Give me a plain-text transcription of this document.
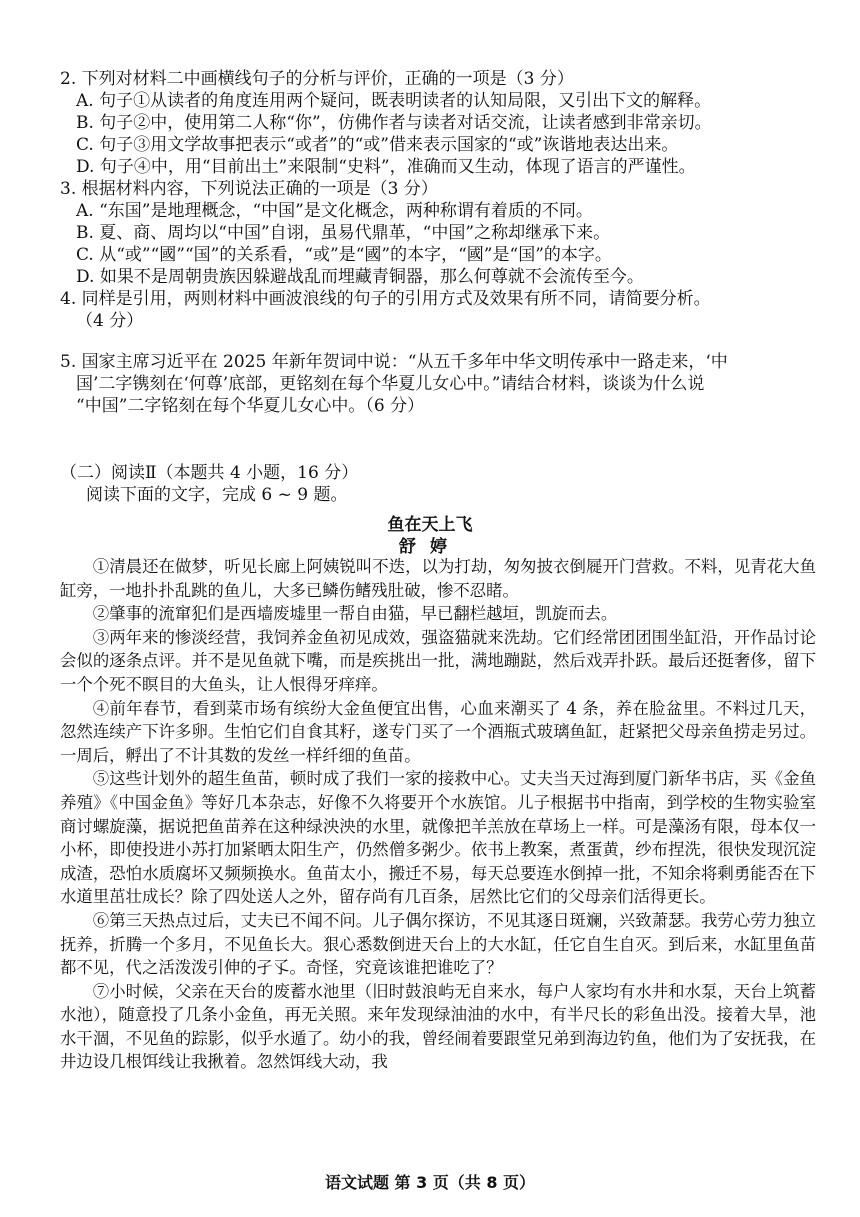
2. 下列对材料二中画横线句子的分析与评价，正确的一项是（3 分）

A. 句子①从读者的角度连用两个疑问，既表明读者的认知局限，又引出下文的解释。

B. 句子②中，使用第二人称“你”，仿佛作者与读者对话交流，让读者感到非常亲切。

C. 句子③用文学故事把表示“或者”的“或”借来表示国家的“或”诙谐地表达出来。

D. 句子④中，用“目前出土”来限制“史料”，准确而又生动，体现了语言的严谨性。

3. 根据材料内容，下列说法正确的一项是（3 分）

A. “东国”是地理概念，“中国”是文化概念，两种称谓有着质的不同。

B. 夏、商、周均以“中国”自诩，虽易代鼎革，“中国”之称却继承下来。

C. 从“或”“國”“国”的关系看，“或”是“國”的本字，“國”是“国”的本字。

D. 如果不是周朝贵族因躲避战乱而埋藏青铜器，那么何尊就不会流传至今。

4. 同样是引用，两则材料中画波浪线的句子的引用方式及效果有所不同，请简要分析。

（4 分）

5. 国家主席习近平在 2025 年新年贺词中说：“从五千多年中华文明传承中一路走来，‘中

国’二字镌刻在‘何尊’底部，更铭刻在每个华夏儿女心中。”请结合材料，谈谈为什么说

“中国”二字铭刻在每个华夏儿女心中。（6 分）

（二）阅读Ⅱ（本题共 4 小题，16 分）

阅读下面的文字，完成 6 ~ 9 题。

鱼在天上飞
舒婷

①清晨还在做梦，听见长廊上阿姨锐叫不迭，以为打劫，匆匆披衣倒屣开门营救。不料，见青花大鱼缸旁，一地扑扑乱跳的鱼儿，大多已鳞伤鳍残肚破，惨不忍睹。

②肇事的流窜犯们是西墙废墟里一帮自由猫，早已翻栏越垣，凯旋而去。

③两年来的惨淡经营，我饲养金鱼初见成效，强盗猫就来洗劫。它们经常团团围坐缸沿，开作品讨论会似的逐条点评。并不是见鱼就下嘴，而是疾挑出一批，满地蹦跶，然后戏弄扑跃。最后还挺奢侈，留下一个个死不瞑目的大鱼头，让人恨得牙痒痒。

④前年春节，看到菜市场有缤纷大金鱼便宜出售，心血来潮买了 4 条，养在脸盆里。不料过几天，忽然连续产下许多卵。生怕它们自食其籽，遂专门买了一个酒瓶式玻璃鱼缸，赶紧把父母亲鱼捞走另过。一周后，孵出了不计其数的发丝一样纤细的鱼苗。

⑤这些计划外的超生鱼苗，顿时成了我们一家的接救中心。丈夫当天过海到厦门新华书店，买《金鱼养殖》《中国金鱼》等好几本杂志，好像不久将要开个水族馆。儿子根据书中指南，到学校的生物实验室商讨螺旋藻，据说把鱼苗养在这种绿泱泱的水里，就像把羊羔放在草场上一样。可是藻汤有限，母本仅一小杯，即使投进小苏打加紧晒太阳生产，仍然僧多粥少。依书上教案，煮蛋黄，纱布捏洗，很快发现沉淀成渣，恐怕水质腐坏又频频换水。鱼苗太小，搬迁不易，每天总要连水倒掉一批，不知余将剩勇能否在下水道里茁壮成长？除了四处送人之外，留存尚有几百条，居然比它们的父母亲们活得更长。

⑥第三天热点过后，丈夫已不闻不问。儿子偶尔探访，不见其逐日斑斓，兴致萧瑟。我劳心劳力独立抚养，折腾一个多月，不见鱼长大。狠心悉数倒进天台上的大水缸，任它自生自灭。到后来，水缸里鱼苗都不见，代之活泼泼引伸的孑孓。奇怪，究竟该谁把谁吃了？

⑦小时候，父亲在天台的废蓄水池里（旧时鼓浪屿无自来水，每户人家均有水井和水泵，天台上筑蓄水池），随意投了几条小金鱼，再无关照。来年发现绿油油的水中，有半尺长的彩鱼出没。接着大旱，池水干涸，不见鱼的踪影，似乎水遁了。幼小的我，曾经闹着要跟堂兄弟到海边钓鱼，他们为了安抚我，在井边设几根饵线让我揪着。忽然饵线大动，我

语文试题 第 3 页（共 8 页）
